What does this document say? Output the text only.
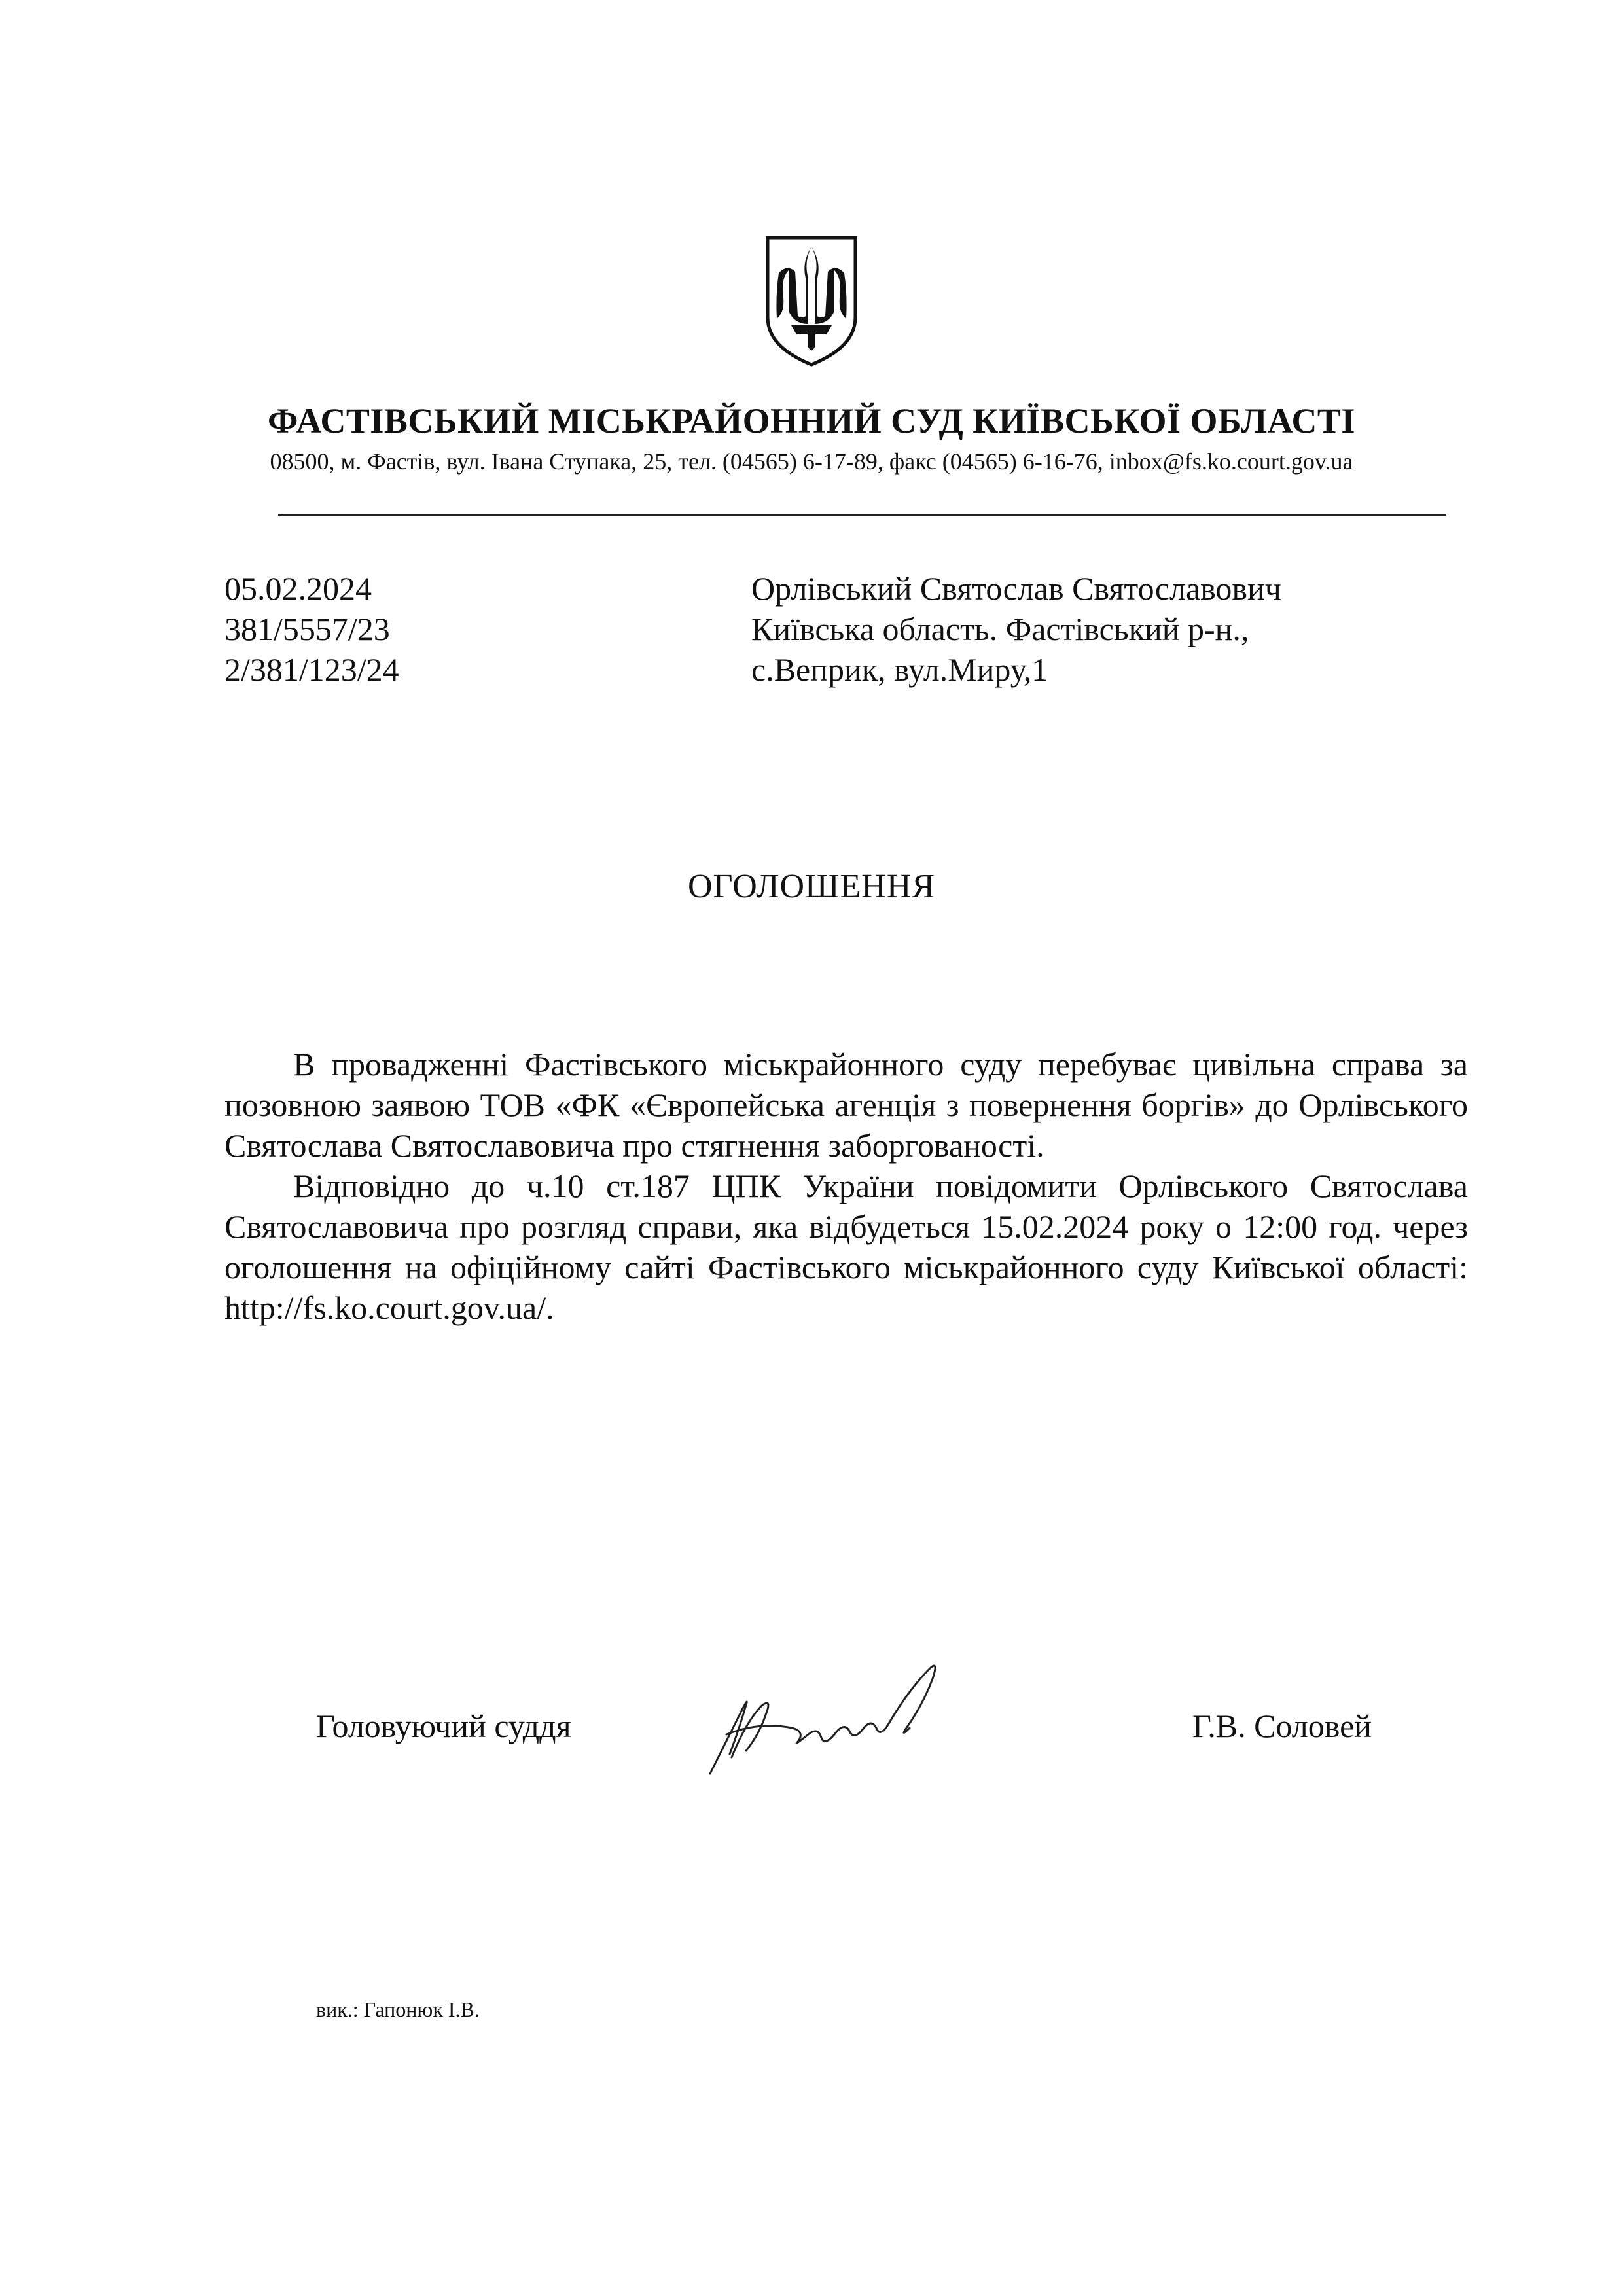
ФАСТІВСЬКИЙ МІСЬКРАЙОННИЙ СУД КИЇВСЬКОЇ ОБЛАСТІ
08500, м. Фастів, вул. Івана Ступака, 25, тел. (04565) 6-17-89, факс (04565) 6-16-76, inbox@fs.ko.court.gov.ua
05.02.2024
381/5557/23
2/381/123/24
Орлівський Святослав Святославович
Київська область. Фастівський р-н.,
с.Веприк, вул.Миру,1
ОГОЛОШЕННЯ

В провадженні Фастівського міськрайонного суду перебуває цивільна справа за позовною заявою ТОВ «ФК «Європейська агенція з повернення боргів» до Орлівського Святослава Святославовича про стягнення заборгованості.

Відповідно до ч.10 ст.187 ЦПК України повідомити Орлівського Святослава Святославовича про розгляд справи, яка відбудеться 15.02.2024 року о 12:00 год. через оголошення на офіційному сайті Фастівського міськрайонного суду Київської області: http://fs.ko.court.gov.ua/.

Головуючий суддя	Г.В. Соловей
вик.: Гапонюк І.В.
